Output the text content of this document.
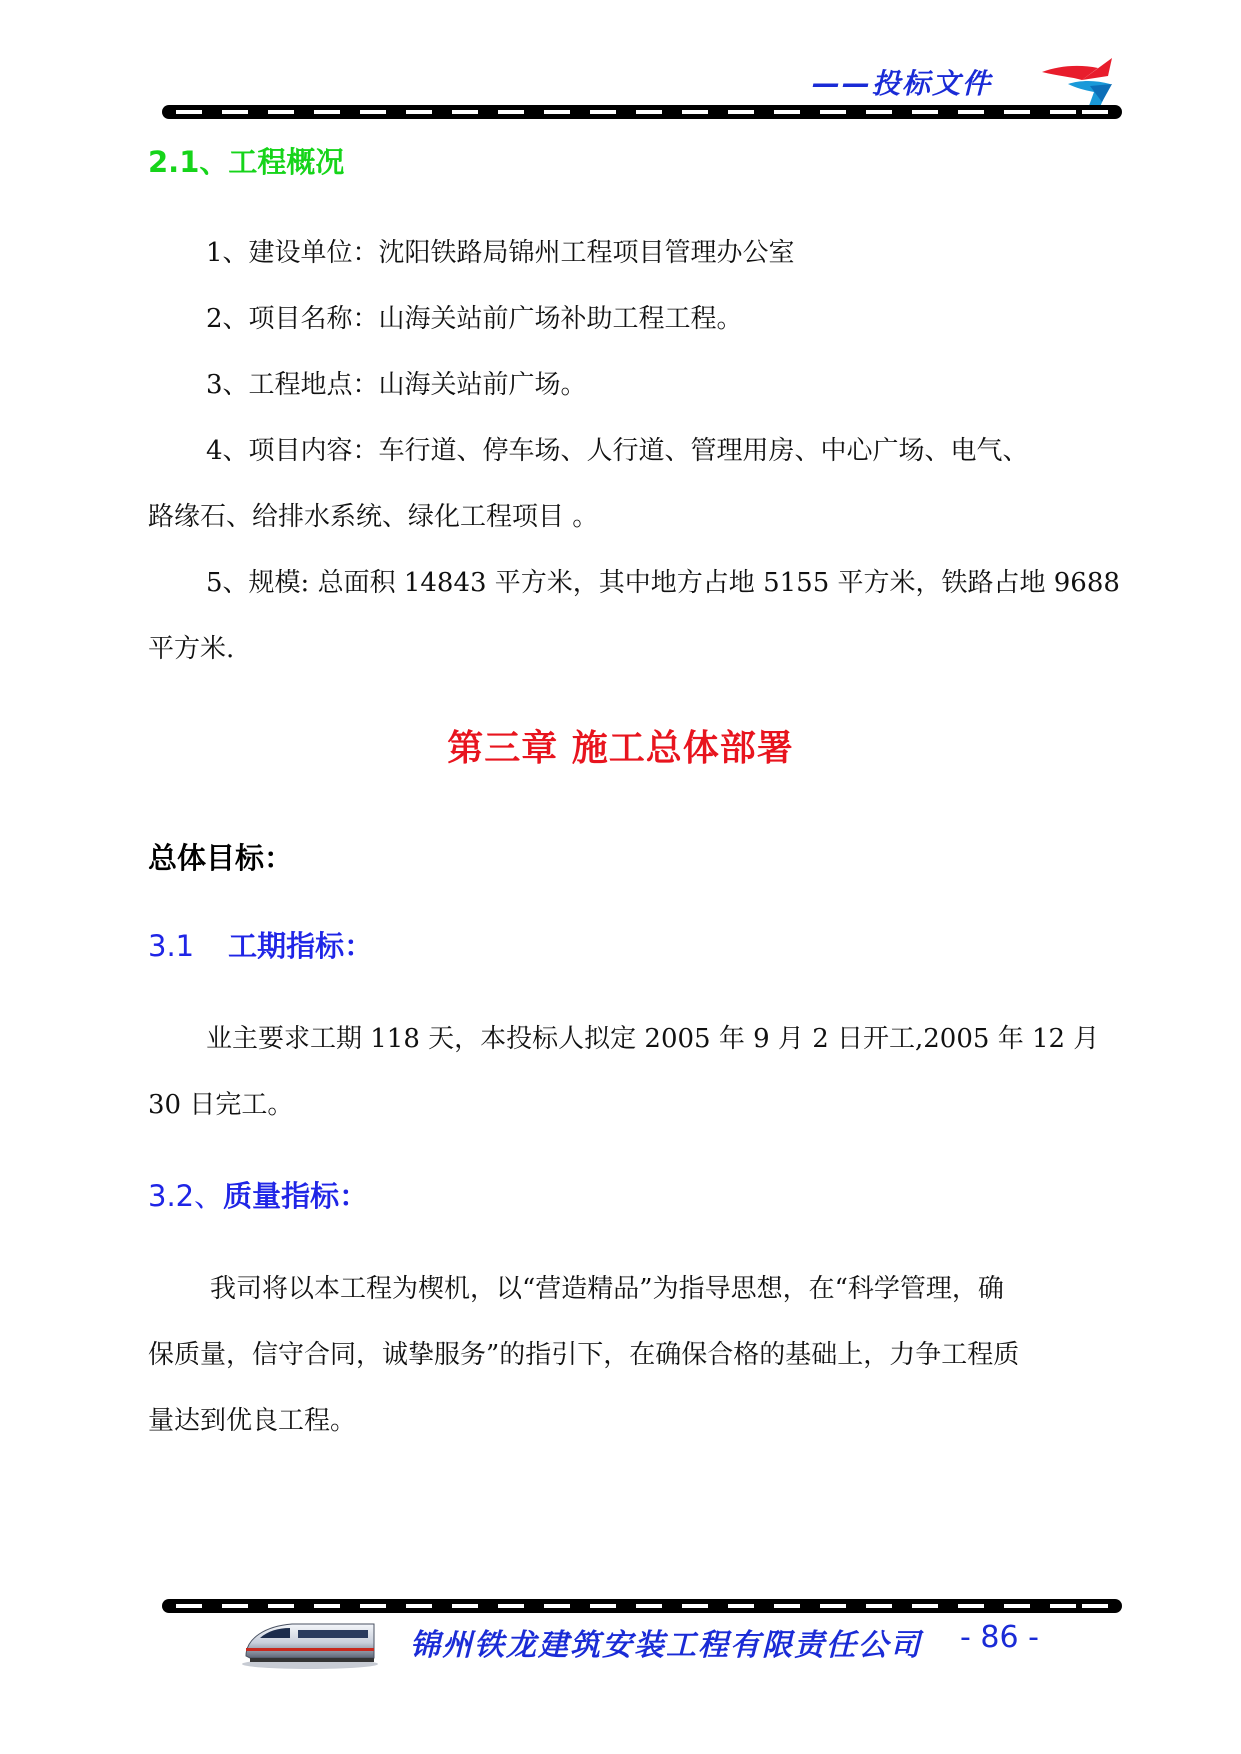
——投标文件
2.1、工程概况
1、建设单位：沈阳铁路局锦州工程项目管理办公室
2、项目名称：山海关站前广场补助工程工程。
3、工程地点：山海关站前广场。
4、项目内容：车行道、停车场、人行道、管理用房、中心广场、电气、
路缘石、给排水系统、绿化工程项目 。
5、规模: 总面积 14843 平方米，其中地方占地 5155 平方米，铁路占地 9688
平方米.
第三章 施工总体部署
总体目标：
3.1 工期指标：
业主要求工期 118 天，本投标人拟定 2005 年 9 月 2 日开工,2005 年 12 月
30 日完工。
3.2、质量指标：
我司将以本工程为楔机，以“营造精品”为指导思想，在“科学管理，确
保质量，信守合同，诚挚服务”的指引下，在确保合格的基础上，力争工程质
量达到优良工程。
锦州铁龙建筑安装工程有限责任公司 - 86 -
